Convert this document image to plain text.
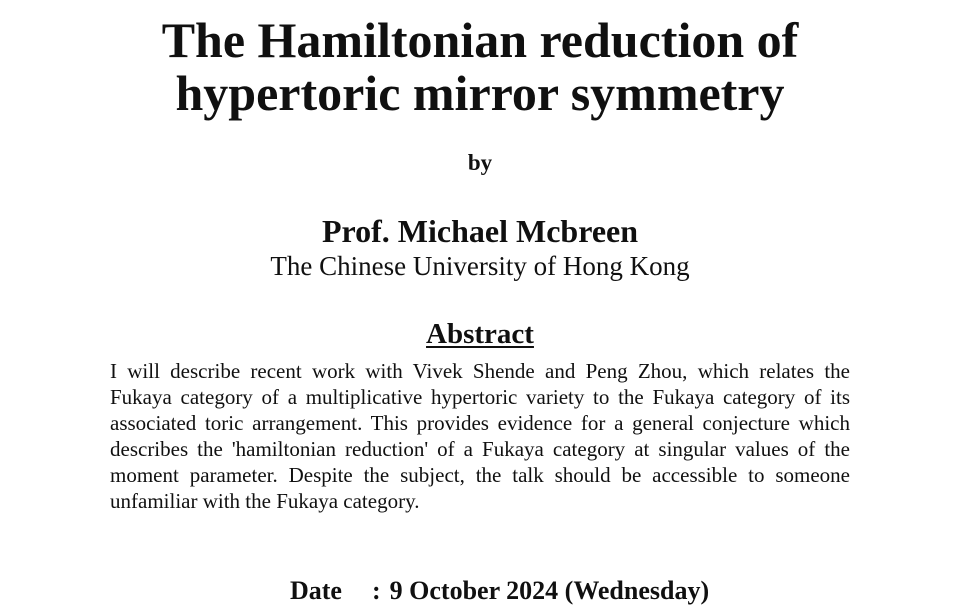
The Hamiltonian reduction of
hypertoric mirror symmetry
by
Prof. Michael Mcbreen
The Chinese University of Hong Kong
Abstract

I will describe recent work with Vivek Shende and Peng Zhou, which relates the Fukaya category of a multiplicative hypertoric variety to the Fukaya category of its associated toric arrangement. This provides evidence for a general conjecture which describes the 'hamiltonian reduction' of a Fukaya category at singular values of the moment parameter. Despite the subject, the talk should be accessible to someone unfamiliar with the Fukaya category.

Date	: 9 October 2024 (Wednesday)
